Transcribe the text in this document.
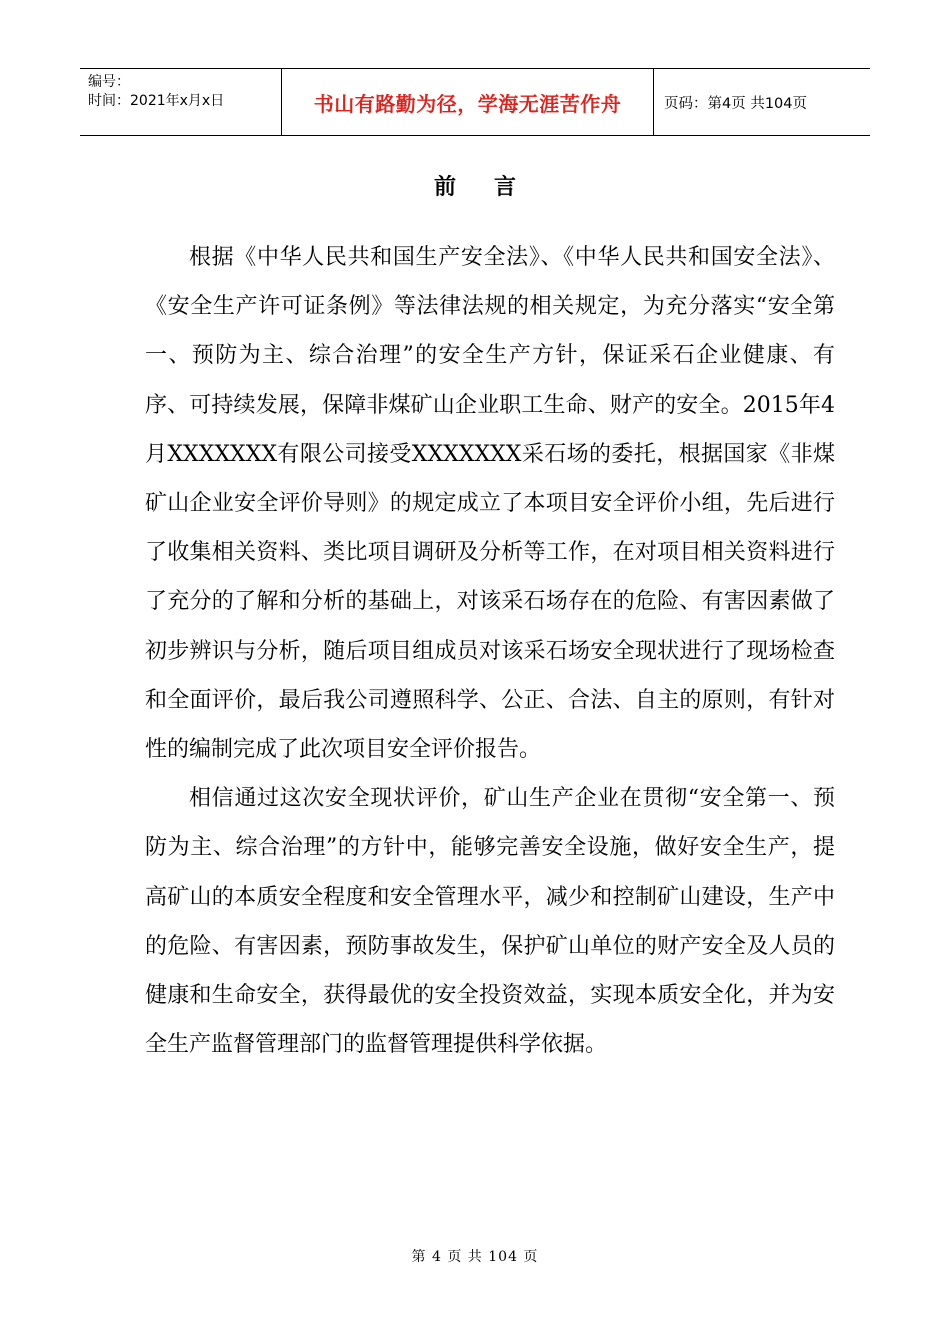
编号：
时间：2021年x月x日	书山有路勤为径，学海无涯苦作舟	页码：第4页 共104页
前言

根据《中华人民共和国生产安全法》、《中华人民共和国安全法》、《安全生产许可证条例》等法律法规的相关规定，为充分落实“安全第一、预防为主、综合治理”的安全生产方针，保证采石企业健康、有序、可持续发展，保障非煤矿山企业职工生命、财产的安全。2015年4月XXXXXXX有限公司接受XXXXXXX采石场的委托，根据国家《非煤矿山企业安全评价导则》的规定成立了本项目安全评价小组，先后进行了收集相关资料、类比项目调研及分析等工作，在对项目相关资料进行了充分的了解和分析的基础上，对该采石场存在的危险、有害因素做了初步辨识与分析，随后项目组成员对该采石场安全现状进行了现场检查和全面评价，最后我公司遵照科学、公正、合法、自主的原则，有针对性的编制完成了此次项目安全评价报告。

相信通过这次安全现状评价，矿山生产企业在贯彻“安全第一、预防为主、综合治理”的方针中，能够完善安全设施，做好安全生产，提高矿山的本质安全程度和安全管理水平，减少和控制矿山建设，生产中的危险、有害因素，预防事故发生，保护矿山单位的财产安全及人员的健康和生命安全，获得最优的安全投资效益，实现本质安全化，并为安全生产监督管理部门的监督管理提供科学依据。

第 4 页 共 104 页
